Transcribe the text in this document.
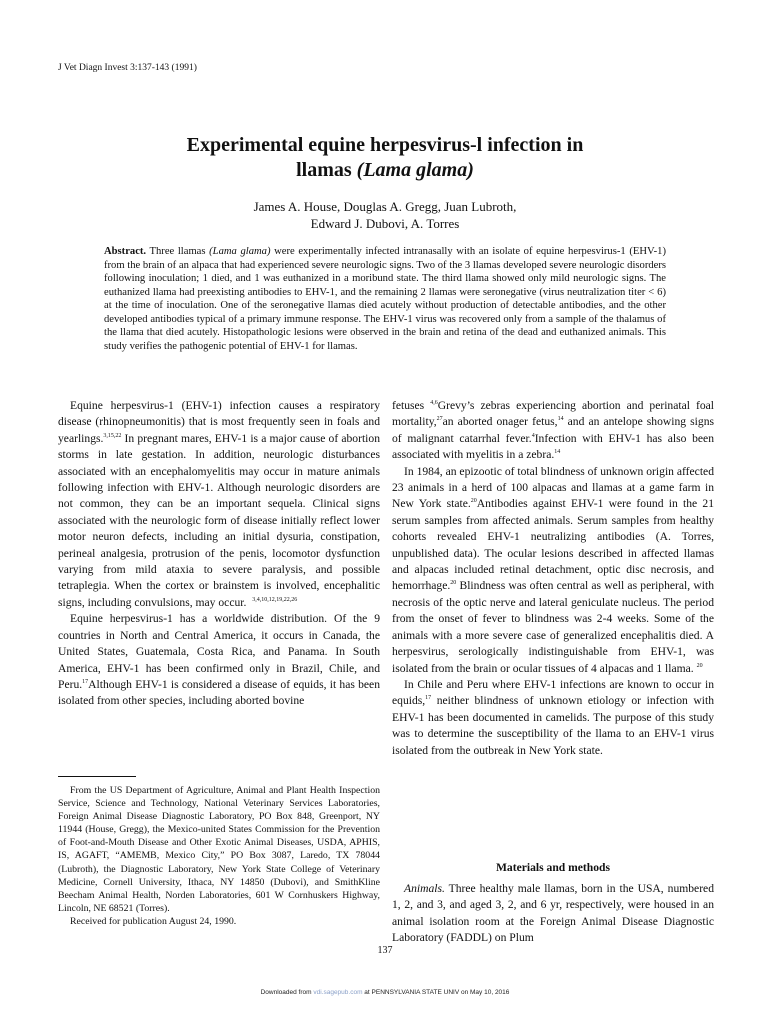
J Vet Diagn Invest 3:137-143 (1991)
Experimental equine herpesvirus-l infection in
llamas (Lama glama)
James A. House, Douglas A. Gregg, Juan Lubroth,
Edward J. Dubovi, A. Torres
Abstract. Three llamas (Lama glama) were experimentally infected intranasally with an isolate of equine herpesvirus-1 (EHV-1) from the brain of an alpaca that had experienced severe neurologic signs. Two of the 3 llamas developed severe neurologic disorders following inoculation; 1 died, and 1 was euthanized in a moribund state. The third llama showed only mild neurologic signs. The euthanized llama had preexisting antibodies to EHV-1, and the remaining 2 llamas were seronegative (virus neutralization titer < 6) at the time of inoculation. One of the seronegative llamas died acutely without production of detectable antibodies, and the other developed antibodies typical of a primary immune response. The EHV-1 virus was recovered only from a sample of the thalamus of the llama that died acutely. Histopathologic lesions were observed in the brain and retina of the dead and euthanized animals. This study verifies the pathogenic potential of EHV-1 for llamas.

Equine herpesvirus-1 (EHV-1) infection causes a respiratory disease (rhinopneumonitis) that is most frequently seen in foals and yearlings.$^{3,15,22}$ In pregnant mares, EHV-1 is a major cause of abortion storms in late gestation. In addition, neurologic disturbances associated with an encephalomyelitis may occur in mature animals following infection with EHV-1. Although neurologic disorders are not common, they can be an important sequela. Clinical signs associated with the neurologic form of disease initially reflect lower motor neuron defects, including an initial dysuria, constipation, perineal analgesia, protrusion of the penis, locomotor dysfunction varying from mild ataxia to severe paralysis, and possible tetraplegia. When the cortex or brainstem is involved, encephalitic signs, including convulsions, may occur. $^{3,4,10,12,19,22,26}$

Equine herpesvirus-1 has a worldwide distribution. Of the 9 countries in North and Central America, it occurs in Canada, the United States, Guatemala, Costa Rica, and Panama. In South America, EHV-1 has been confirmed only in Brazil, Chile, and Peru.$^{17}$Although EHV-1 is considered a disease of equids, it has been isolated from other species, including aborted bovine

From the US Department of Agriculture, Animal and Plant Health Inspection Service, Science and Technology, National Veterinary Services Laboratories, Foreign Animal Disease Diagnostic Laboratory, PO Box 848, Greenport, NY 11944 (House, Gregg), the Mexico-united States Commission for the Prevention of Foot-and-Mouth Disease and Other Exotic Animal Diseases, USDA, APHIS, IS, AGAFT, “AMEMB, Mexico City,” PO Box 3087, Laredo, TX 78044 (Lubroth), the Diagnostic Laboratory, New York State College of Veterinary Medicine, Cornell University, Ithaca, NY 14850 (Dubovi), and SmithKline Beecham Animal Health, Norden Laboratories, 601 W Cornhuskers Highway, Lincoln, NE 68521 (Torres).

Received for publication August 24, 1990.

fetuses $^{4,6}$Grevy’s zebras experiencing abortion and perinatal foal mortality,$^{27}$an aborted onager fetus,$^{14}$ and an antelope showing signs of malignant catarrhal fever.$^4$Infection with EHV-1 has also been associated with myelitis in a zebra.$^{14}$

In 1984, an epizootic of total blindness of unknown origin affected 23 animals in a herd of 100 alpacas and llamas at a game farm in New York state.$^{20}$Antibodies against EHV-1 were found in the 21 serum samples from affected animals. Serum samples from healthy cohorts revealed EHV-1 neutralizing antibodies (A. Torres, unpublished data). The ocular lesions described in affected llamas and alpacas included retinal detachment, optic disc necrosis, and hemorrhage.$^{20}$ Blindness was often central as well as peripheral, with necrosis of the optic nerve and lateral geniculate nucleus. The period from the onset of fever to blindness was 2-4 weeks. Some of the animals with a more severe case of generalized encephalitis died. A herpesvirus, serologically indistinguishable from EHV-1, was isolated from the brain or ocular tissues of 4 alpacas and 1 llama. $^{20}$

In Chile and Peru where EHV-1 infections are known to occur in equids,$^{17}$ neither blindness of unknown etiology or infection with EHV-1 has been documented in camelids. The purpose of this study was to determine the susceptibility of the llama to an EHV-1 virus isolated from the outbreak in New York state.

Materials and methods

Animals. Three healthy male llamas, born in the USA, numbered 1, 2, and 3, and aged 3, 2, and 6 yr, respectively, were housed in an animal isolation room at the Foreign Animal Disease Diagnostic Laboratory (FADDL) on Plum

137
Downloaded from vdi.sagepub.com at PENNSYLVANIA STATE UNIV on May 10, 2016
